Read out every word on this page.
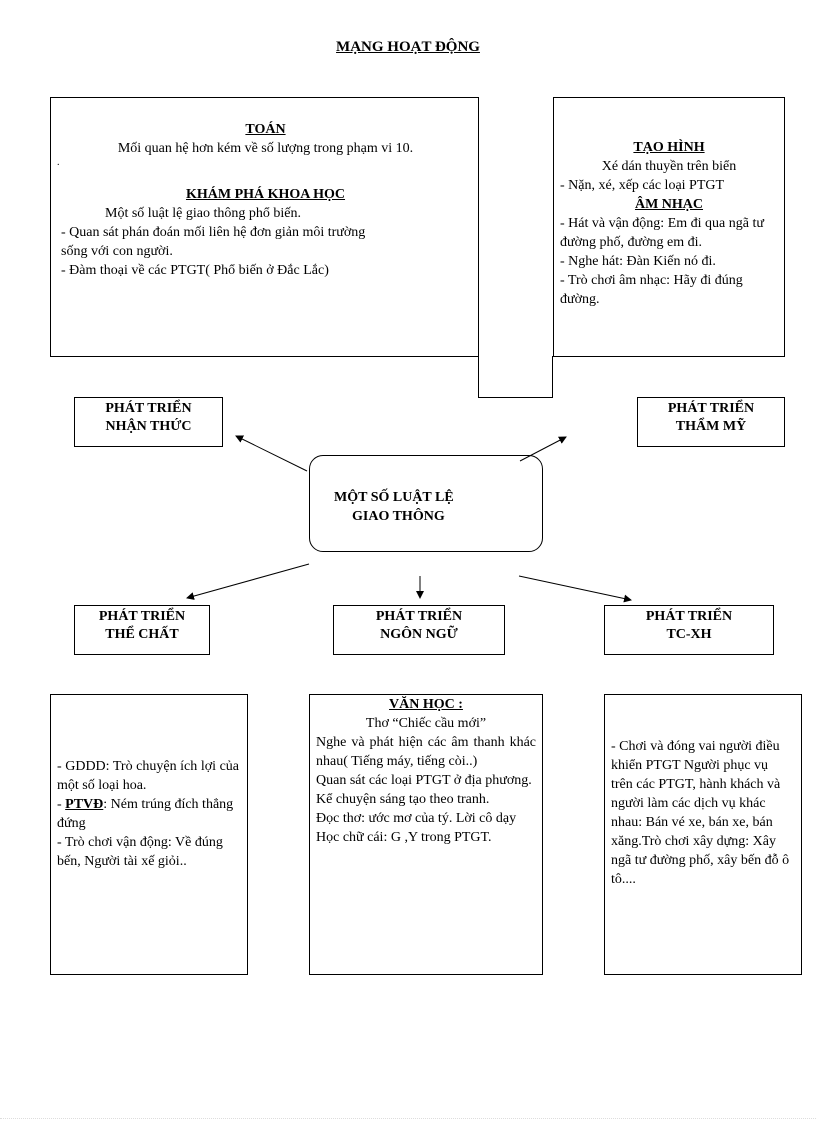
MẠNG HOẠT ĐỘNG
TOÁN
Mối quan hệ hơn kém về số lượng trong phạm vi 10.
.
KHÁM PHÁ KHOA HỌC
Một số luật lệ giao thông phổ biến.
- Quan sát phán đoán mối liên hệ đơn giản môi trường sống với con người.
- Đàm thoại về các PTGT( Phổ biến ở Đắc Lắc)
TẠO HÌNH
Xé dán thuyền trên biển
- Nặn, xé, xếp các loại PTGT
ÂM NHẠC
- Hát và vận động: Em đi qua ngã tư đường phố, đường em đi.
- Nghe hát: Đàn Kiến nó đi.
- Trò chơi âm nhạc: Hãy đi đúng đường.
PHÁT TRIỂN
NHẬN THỨC
PHÁT TRIỂN
THẨM MỸ
MỘT SỐ LUẬT LỆ
GIAO THÔNG
PHÁT TRIỂN
THỂ CHẤT
PHÁT TRIỂN
NGÔN NGỮ
PHÁT TRIỂN
TC-XH

- GDDD: Trò chuyện ích lợi của một số loại hoa.

- PTVĐ: Ném trúng đích thẳng đứng

- Trò chơi vận động: Về đúng bến, Người tài xế giỏi..

VĂN HỌC :
Thơ “Chiếc cầu mới”

Nghe và phát hiện các âm thanh khác nhau( Tiếng máy, tiếng còi..)

Quan sát các loại PTGT ở địa phương.

Kể chuyện sáng tạo theo tranh.

Đọc thơ: ước mơ của tý. Lời cô dạy

Học chữ cái: G ,Y trong PTGT.

- Chơi và đóng vai người điều khiển PTGT Người phục vụ trên các PTGT, hành khách và người làm các dịch vụ khác nhau: Bán vé xe, bán xe, bán xăng.Trò chơi xây dựng: Xây ngã tư đường phố, xây bến đỗ ô tô....
